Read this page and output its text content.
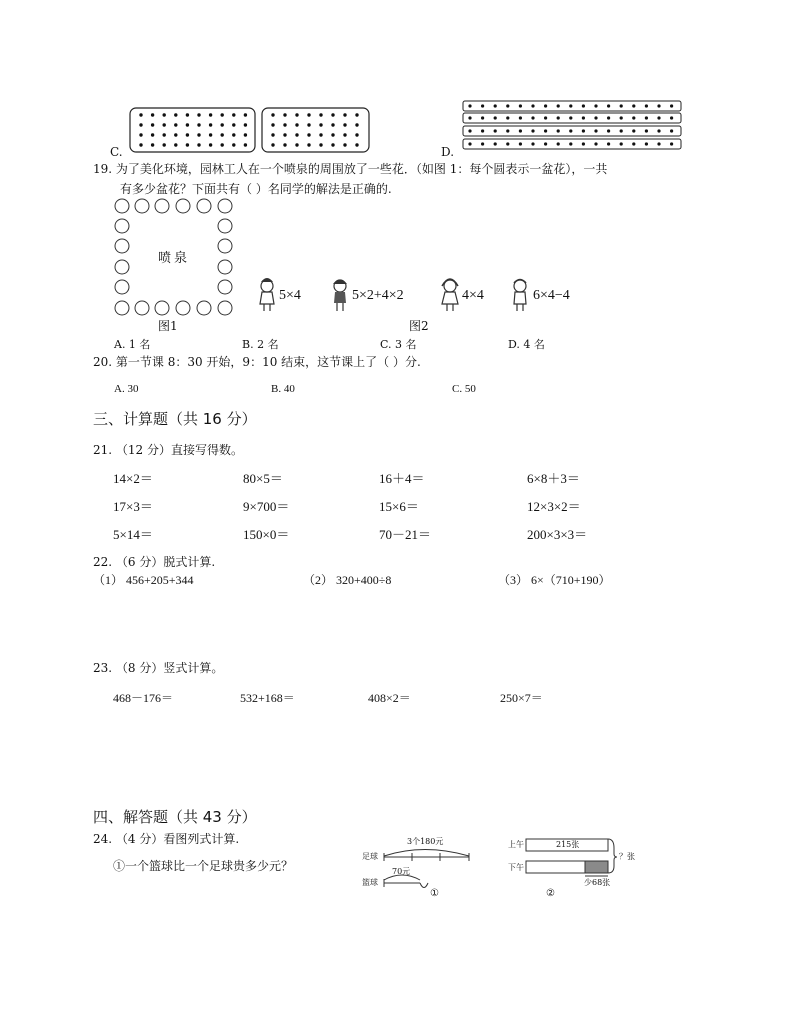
C.	D.
19. 为了美化环境，园林工人在一个喷泉的周围放了一些花．（如图 1：每个圆表示一盆花），一共
有多少盆花？下面共有（ ）名同学的解法是正确的.
喷泉
图1
5×4	5×2+4×2	4×4	6×4−4
图2
A. 1 名	B. 2 名	C. 3 名	D. 4 名
20. 第一节课 8：30 开始，9：10 结束，这节课上了（ ）分.
A. 30	B. 40	C. 50
三、计算题（共 16 分）
21. （12 分）直接写得数。
14×2＝	80×5＝	16＋4＝	6×8＋3＝
17×3＝	9×700＝	15×6＝	12×3×2＝
5×14＝	150×0＝	70－21＝	200×3×3＝
22. （6 分）脱式计算.
（1） 456+205+344	（2） 320+400÷8	（3） 6×（710+190）
23. （8 分）竖式计算。
468－176＝	532+168＝	408×2＝	250×7＝
四、解答题（共 43 分）
24. （4 分）看图列式计算.
①一个篮球比一个足球贵多少元？
3个180元
足球
70元
篮球
①
上午	215张
下午
？张
少68张
②
